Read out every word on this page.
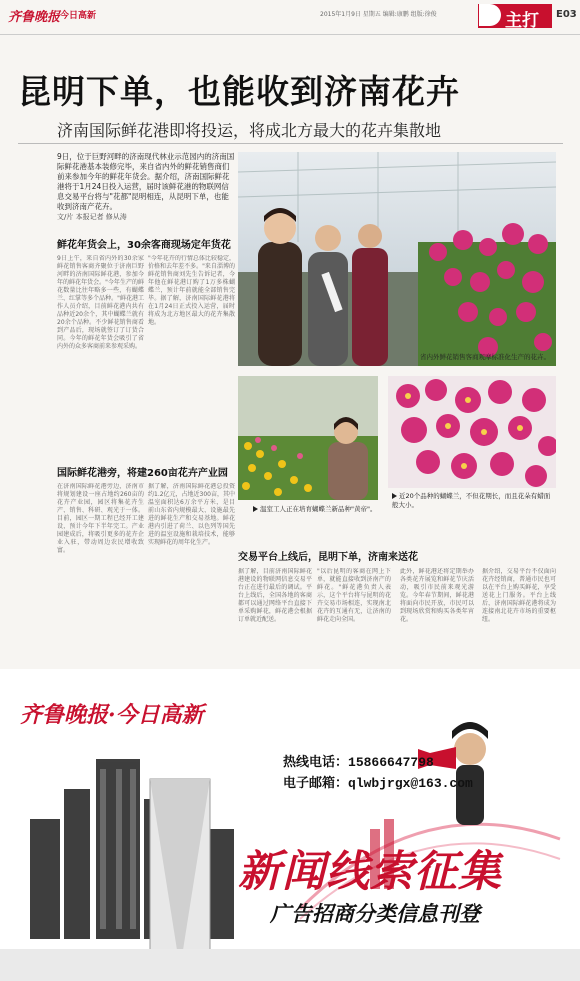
齐鲁晚报 今日高新	2015年1月9日 星期五 编辑:康鹏 组版:徐俊	主打 E03
昆明下单，也能收到济南花卉
济南国际鲜花港即将投运，将成北方最大的花卉集散地
9日，位于巨野河畔的济南现代林业示范园内的济南国际鲜花港基本装修完毕，来自省内外的鲜花销售商们前来参加今年的鲜花年货会。据介绍，济南国际鲜花港将于1月24日投入运营，届时该鲜花港的物联网信息交易平台将与"花都"昆明相连，从昆明下单，也能收到济南产花卉。
文/片 本报记者 修从涛
鲜花年货会上，30余客商现场定年货花
9日上午，来自省内外的30余家鲜花销售客商齐聚位于济南巨野河畔的济南国际鲜花港，参加今年的鲜花年货会。"今年生产的鲜花数量比往年略多一些，有蝴蝶兰、红掌等多个品种。"鲜花港工作人员介绍，目前鲜花港内共有品种近20余个，其中蝴蝶兰就有20余个品种。不少鲜花销售商看到产品后，现场就签订了订货合同。今年的鲜花年货会吸引了省内外的众多客商前来参观采购。
"今年花卉的行情总体比较稳定，价格和去年差不多。"来自淄博的鲜花销售商刘先生告诉记者，今年他在鲜花港订购了1万多株蝴蝶兰，预计年前就能全部销售完毕。据了解，济南国际鲜花港将在1月24日正式投入运营，届时将成为北方地区最大的花卉集散地。
国际鲜花港旁，将建260亩花卉产业园
在济南国际鲜花港旁边，济南市将规划建设一座占地约260亩的花卉产业园，园区将集花卉生产、销售、科研、观光于一体。目前，园区一期工程已经开工建设，预计今年下半年完工。产业园建成后，将吸引更多的花卉企业入驻，带动周边农民增收致富。
据了解，济南国际鲜花港总投资约1.2亿元，占地近300亩，其中温室面积达6万余平方米，是目前山东省内规模最大、设施最先进的鲜花生产和交易基地。鲜花港内引进了荷兰、以色列等国先进的温室设施和栽培技术，能够实现鲜花的周年化生产。
省内外鲜花销售客商观摩标准化生产的花卉。
温室工人正在培育蝴蝶兰新品种"黄帝"。
近20个品种的蝴蝶兰，不但花期长，而且花朵有蜡面般大小。
交易平台上线后，昆明下单，济南来送花
据了解，目前济南国际鲜花港建设的物联网信息交易平台正在进行最后的调试。平台上线后，全国各地的客商都可以通过网络平台直接下单采购鲜花，鲜花港会根据订单就近配送。
"以后昆明的客商在网上下单，就能直接收到济南产的鲜花。"鲜花港负责人表示，这个平台将与昆明的花卉交易市场相连，实现南北花卉的互通有无，让济南的鲜花走向全国。
此外，鲜花港还将定期举办各类花卉展览和鲜花节庆活动，吸引市民前来观光游览。今年春节期间，鲜花港将面向市民开放，市民可以到现场欣赏和购买各类年宵花。
据介绍，交易平台不仅面向花卉经销商，普通市民也可以在平台上购买鲜花，享受送花上门服务。平台上线后，济南国际鲜花港将成为连接南北花卉市场的重要枢纽。
齐鲁晚报·今日高新
热线电话：15866647798
电子邮箱：qlwbjrgx@163.com
新闻线索征集
广告招商分类信息刊登
